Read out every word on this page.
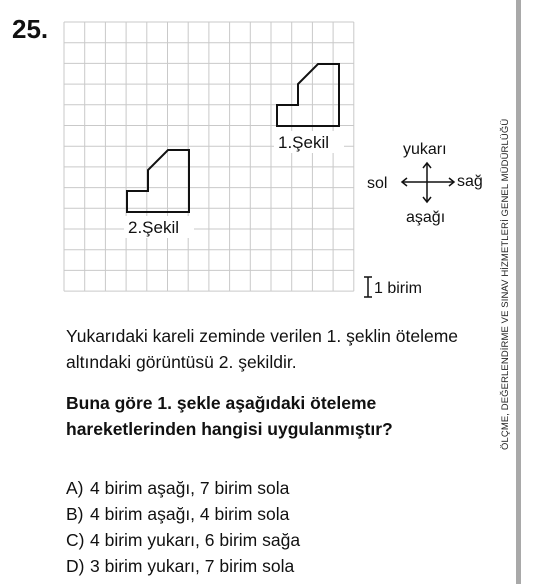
25.
1.Şekil
2.Şekil
yukarı
aşağı
sol	sağ
1 birim
Yukarıdaki kareli zeminde verilen 1. şeklin öteleme altındaki görüntüsü 2. şekildir.
Buna göre 1. şekle aşağıdaki öteleme hareketlerinden hangisi uygulanmıştır?
A) 4 birim aşağı, 7 birim sola
B) 4 birim aşağı, 4 birim sola
C) 4 birim yukarı, 6 birim sağa
D) 3 birim yukarı, 7 birim sola
ÖLÇME, DEĞERLENDİRME VE SINAV HİZMETLERİ GENEL MÜDÜRLÜĞÜ
